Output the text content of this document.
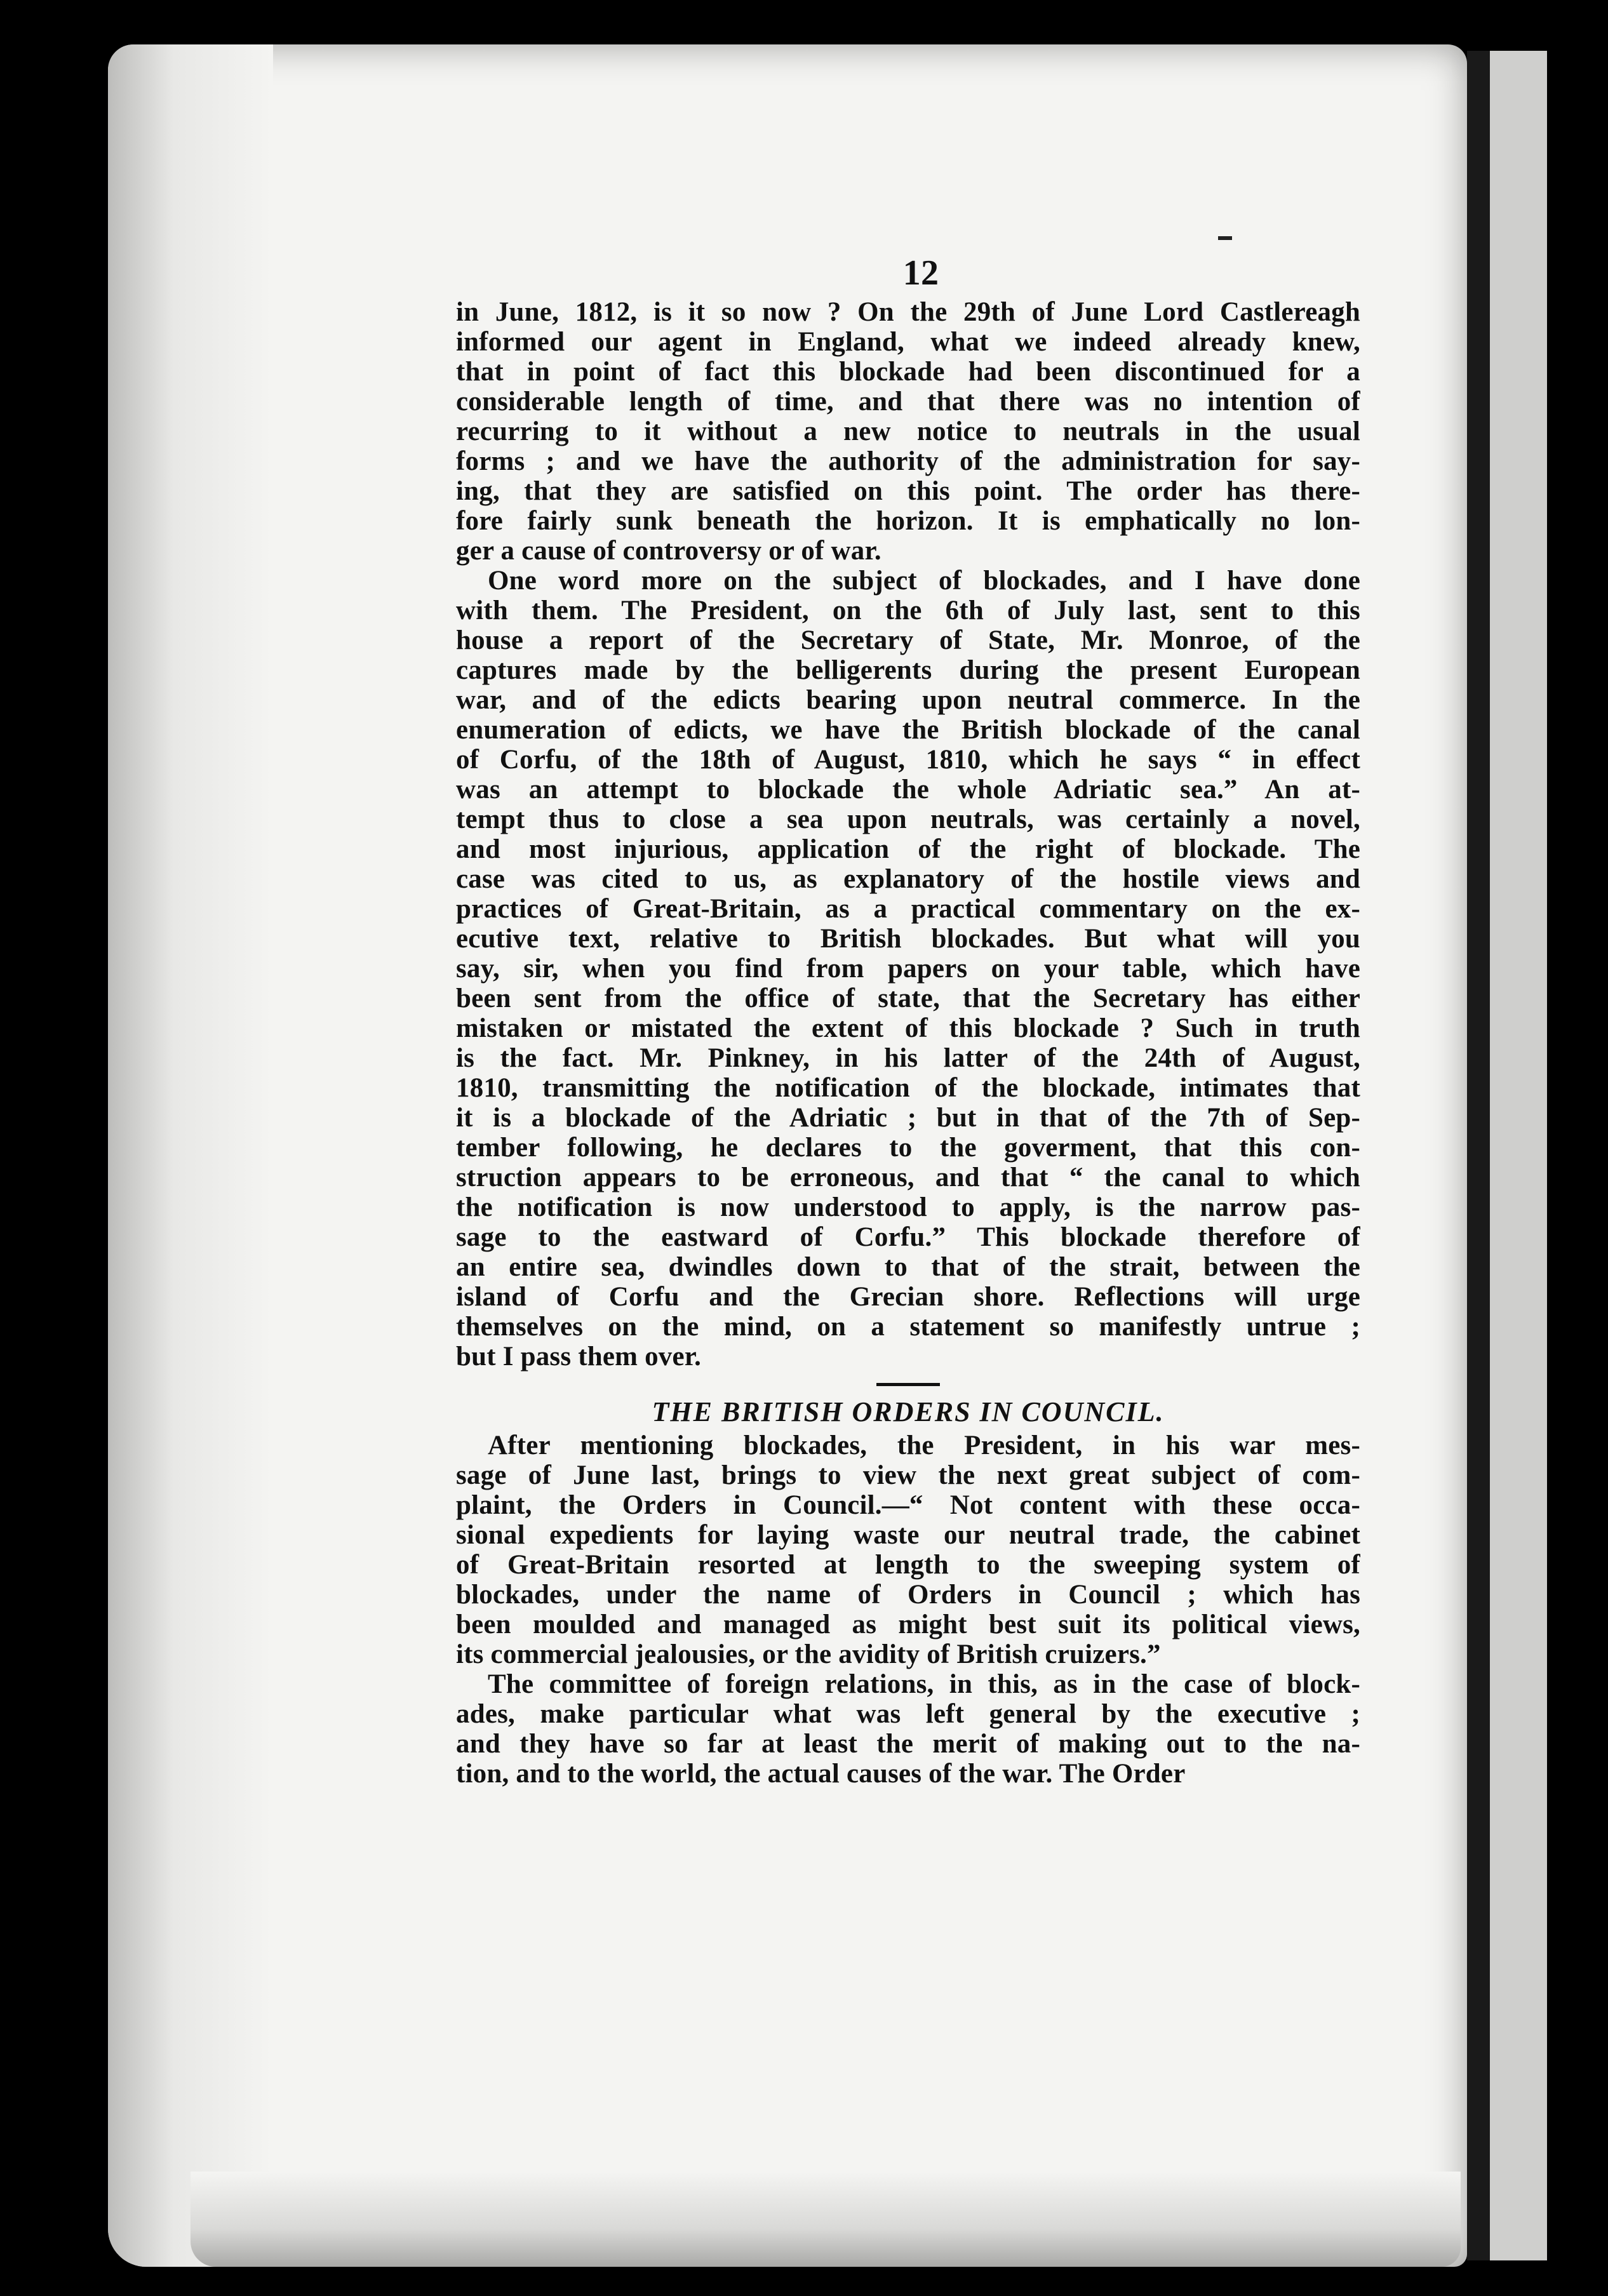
12
in June, 1812, is it so now ? On the 29th of June Lord Castlereagh
informed our agent in England, what we indeed already knew,
that in point of fact this blockade had been discontinued for a
considerable length of time, and that there was no intention of
recurring to it without a new notice to neutrals in the usual
forms ; and we have the authority of the administration for say-
ing, that they are satisfied on this point. The order has there-
fore fairly sunk beneath the horizon. It is emphatically no lon-
ger a cause of controversy or of war.
One word more on the subject of blockades, and I have done
with them. The President, on the 6th of July last, sent to this
house a report of the Secretary of State, Mr. Monroe, of the
captures made by the belligerents during the present European
war, and of the edicts bearing upon neutral commerce. In the
enumeration of edicts, we have the British blockade of the canal
of Corfu, of the 18th of August, 1810, which he says “ in effect
was an attempt to blockade the whole Adriatic sea.” An at-
tempt thus to close a sea upon neutrals, was certainly a novel,
and most injurious, application of the right of blockade. The
case was cited to us, as explanatory of the hostile views and
practices of Great-Britain, as a practical commentary on the ex-
ecutive text, relative to British blockades. But what will you
say, sir, when you find from papers on your table, which have
been sent from the office of state, that the Secretary has either
mistaken or mistated the extent of this blockade ? Such in truth
is the fact. Mr. Pinkney, in his latter of the 24th of August,
1810, transmitting the notification of the blockade, intimates that
it is a blockade of the Adriatic ; but in that of the 7th of Sep-
tember following, he declares to the goverment, that this con-
struction appears to be erroneous, and that “ the canal to which
the notification is now understood to apply, is the narrow pas-
sage to the eastward of Corfu.” This blockade therefore of
an entire sea, dwindles down to that of the strait, between the
island of Corfu and the Grecian shore. Reflections will urge
themselves on the mind, on a statement so manifestly untrue ;
but I pass them over.
THE BRITISH ORDERS IN COUNCIL.
After mentioning blockades, the President, in his war mes-
sage of June last, brings to view the next great subject of com-
plaint, the Orders in Council.—“ Not content with these occa-
sional expedients for laying waste our neutral trade, the cabinet
of Great-Britain resorted at length to the sweeping system of
blockades, under the name of Orders in Council ; which has
been moulded and managed as might best suit its political views,
its commercial jealousies, or the avidity of British cruizers.”
The committee of foreign relations, in this, as in the case of block-
ades, make particular what was left general by the executive ;
and they have so far at least the merit of making out to the na-
tion, and to the world, the actual causes of the war. The Order
